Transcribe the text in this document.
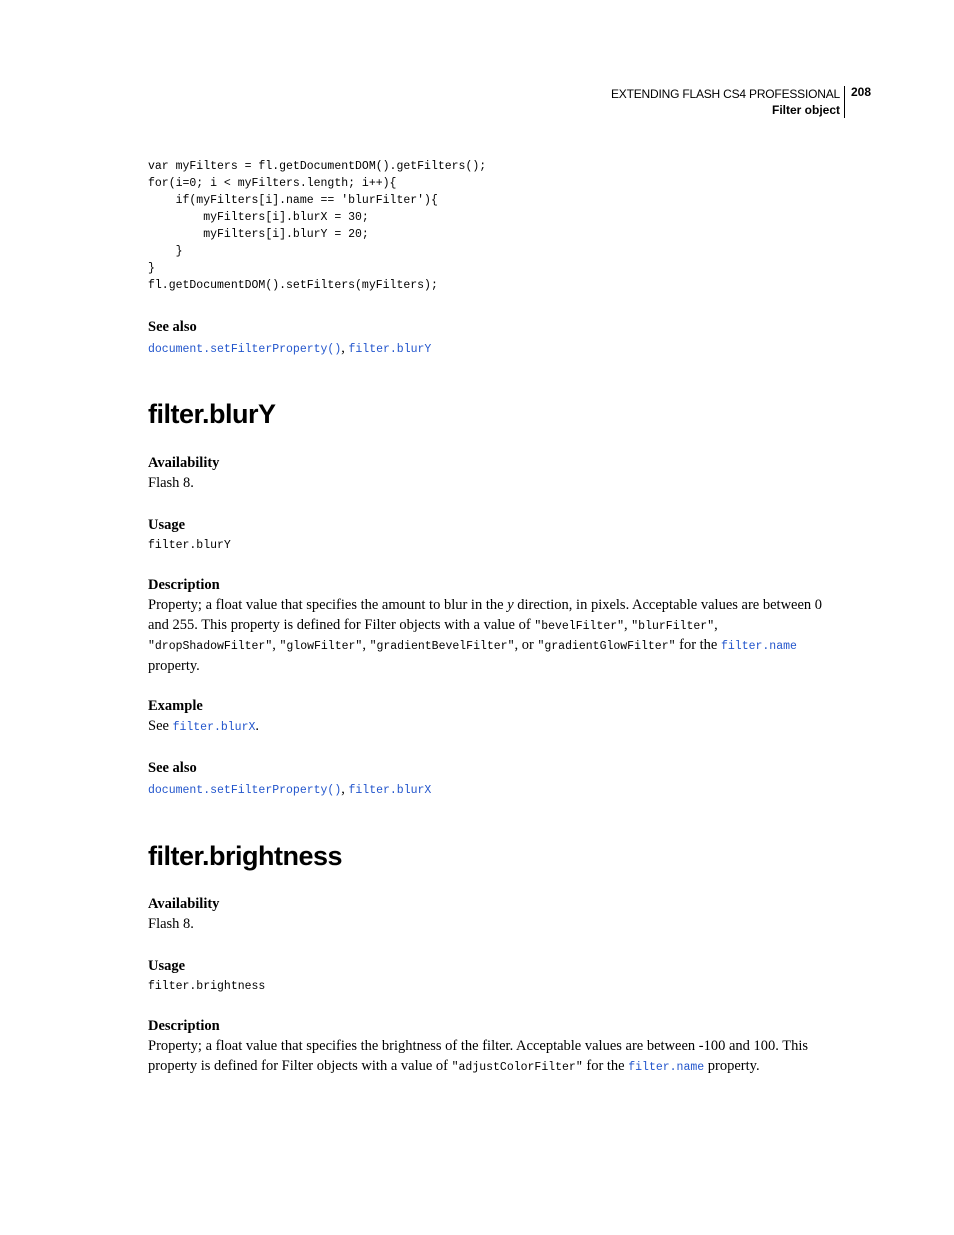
EXTENDING FLASH CS4 PROFESSIONAL
Filter object
208
var myFilters = fl.getDocumentDOM().getFilters();
for(i=0; i < myFilters.length; i++){
if(myFilters[i].name == 'blurFilter'){
myFilters[i].blurX = 30;
myFilters[i].blurY = 20;
}
}
fl.getDocumentDOM().setFilters(myFilters);
See also
document.setFilterProperty(), filter.blurY
filter.blurY
Availability
Flash 8.
Usage
filter.blurY
Description
Property; a float value that specifies the amount to blur in the y direction, in pixels. Acceptable values are between 0 and 255. This property is defined for Filter objects with a value of "bevelFilter", "blurFilter", "dropShadowFilter", "glowFilter", "gradientBevelFilter", or "gradientGlowFilter" for the filter.name property.
Example
See filter.blurX.
See also
document.setFilterProperty(), filter.blurX
filter.brightness
Availability
Flash 8.
Usage
filter.brightness
Description
Property; a float value that specifies the brightness of the filter. Acceptable values are between -100 and 100. This property is defined for Filter objects with a value of "adjustColorFilter" for the filter.name property.
